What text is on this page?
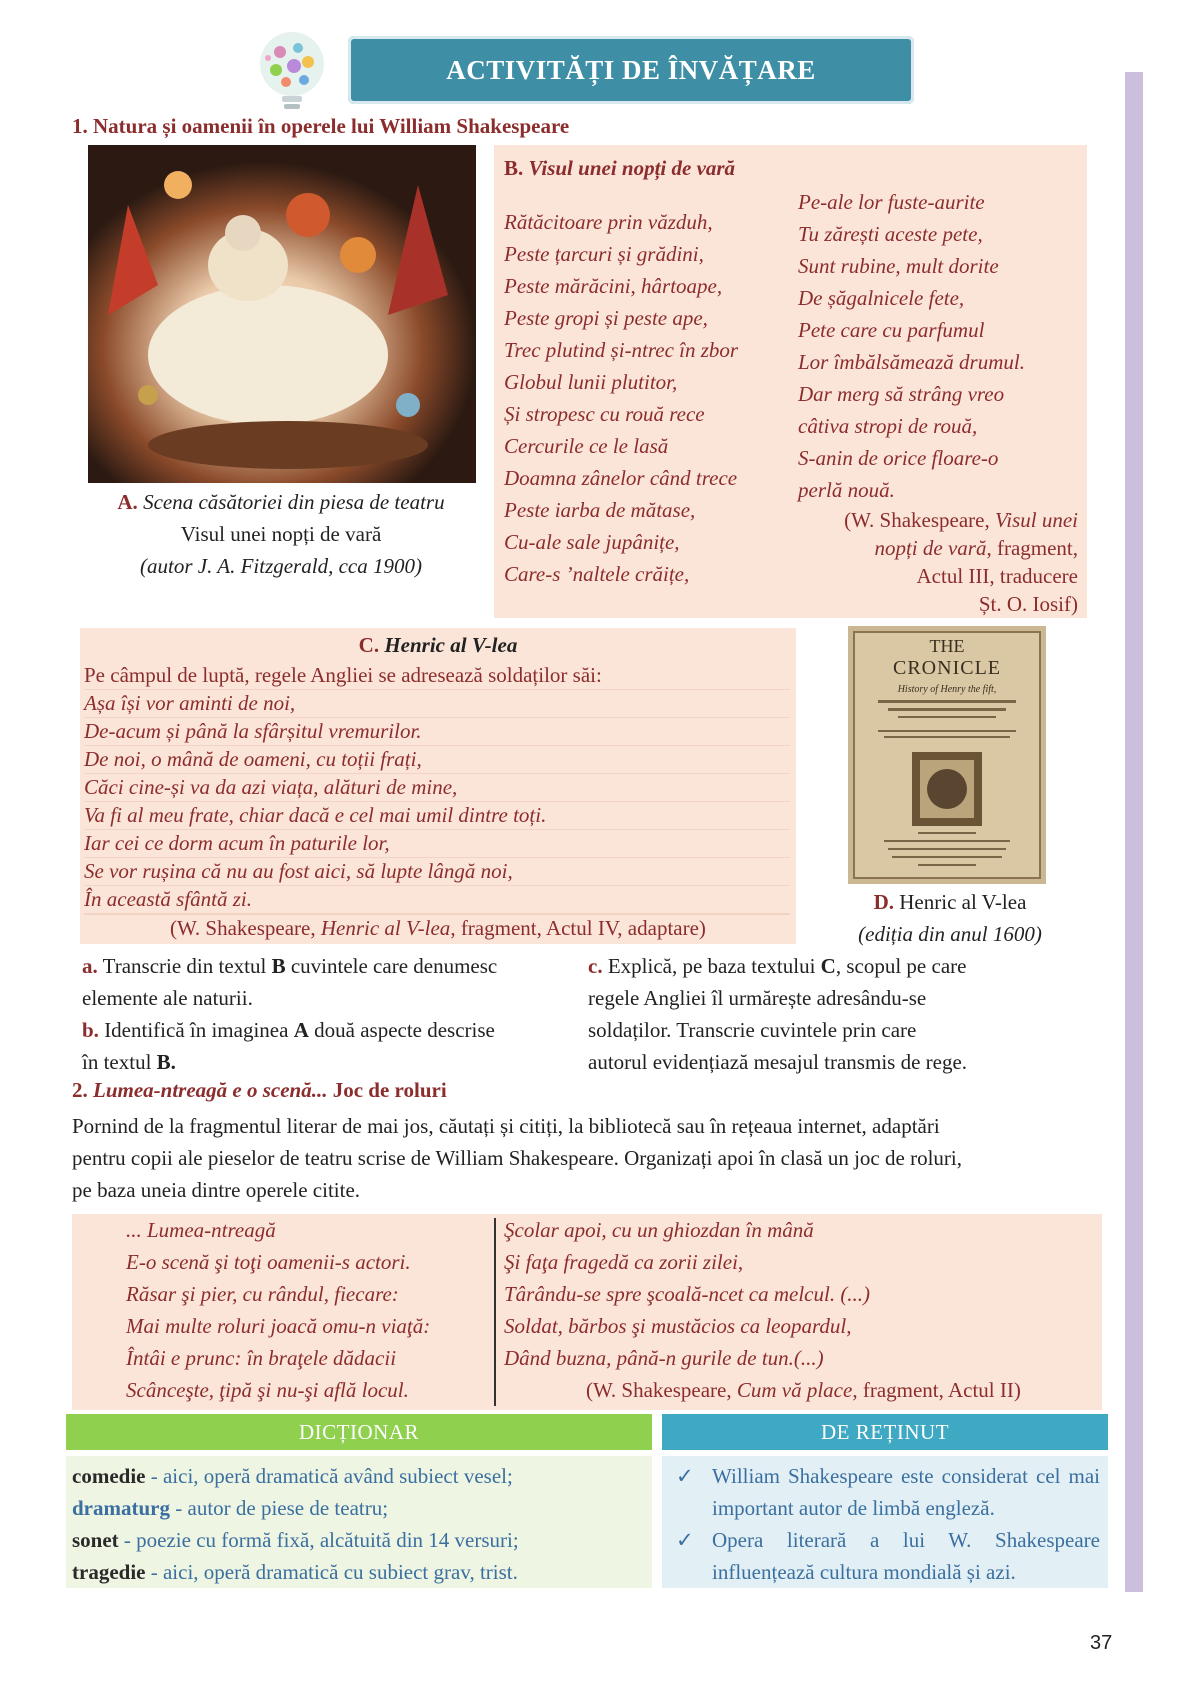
ACTIVITĂȚI DE ÎNVĂȚARE
1. Natura și oamenii în operele lui William Shakespeare
A. Scena căsătoriei din piesa de teatru
Visul unei nopți de vară
(autor J. A. Fitzgerald, cca 1900)
B. Visul unei nopți de vară
Rătăcitoare prin văzduh,
Peste țarcuri și grădini,
Peste mărăcini, hârtoape,
Peste gropi și peste ape,
Trec plutind și-ntrec în zbor
Globul lunii plutitor,
Și stropesc cu rouă rece
Cercurile ce le lasă
Doamna zânelor când trece
Peste iarba de mătase,
Cu-ale sale jupânițe,
Care-s ’naltele crăițe,
Pe-ale lor fuste-aurite
Tu zărești aceste pete,
Sunt rubine, mult dorite
De șăgalnicele fete,
Pete care cu parfumul
Lor îmbălsămează drumul.
Dar merg să strâng vreo
câtiva stropi de rouă,
S-anin de orice floare-o
perlă nouă.
(W. Shakespeare, Visul unei
nopți de vară, fragment,
Actul III, traducere
Șt. O. Iosif)
C. Henric al V-lea
Pe câmpul de luptă, regele Angliei se adresează soldaților săi:
Așa își vor aminti de noi,
De-acum și până la sfârșitul vremurilor.
De noi, o mână de oameni, cu toții frați,
Căci cine-și va da azi viața, alături de mine,
Va fi al meu frate, chiar dacă e cel mai umil dintre toți.
Iar cei ce dorm acum în paturile lor,
Se vor rușina că nu au fost aici, să lupte lângă noi,
În această sfântă zi.
(W. Shakespeare, Henric al V-lea, fragment, Actul IV, adaptare)
THE
CRONICLE
History of Henry the fift,
D. Henric al V-lea
(ediția din anul 1600)
a. Transcrie din textul B cuvintele care denumesc
elemente ale naturii.
b. Identifică în imaginea A două aspecte descrise
în textul B.
c. Explică, pe baza textului C, scopul pe care
regele Angliei îl urmărește adresându-se
soldaților. Transcrie cuvintele prin care
autorul evidențiază mesajul transmis de rege.
2. Lumea-ntreagă e o scenă... Joc de roluri
Pornind de la fragmentul literar de mai jos, căutați și citiți, la bibliotecă sau în rețeaua internet, adaptări
pentru copii ale pieselor de teatru scrise de William Shakespeare. Organizați apoi în clasă un joc de roluri,
pe baza uneia dintre operele citite.
... Lumea-ntreagă
E-o scenă şi toţi oamenii-s actori.
Răsar şi pier, cu rândul, fiecare:
Mai multe roluri joacă omu-n viaţă:
Întâi e prunc: în braţele dădacii
Scânceşte, ţipă şi nu-şi află locul.
Şcolar apoi, cu un ghiozdan în mână
Şi faţa fragedă ca zorii zilei,
Târându-se spre şcoală-ncet ca melcul. (...)
Soldat, bărbos şi mustăcios ca leopardul,
Dând buzna, până-n gurile de tun.(...)
(W. Shakespeare, Cum vă place, fragment, Actul II)
DICȚIONAR
comedie - aici, operă dramatică având subiect vesel;
dramaturg - autor de piese de teatru;
sonet - poezie cu formă fixă, alcătuită din 14 versuri;
tragedie - aici, operă dramatică cu subiect grav, trist.
DE REȚINUT
✓ William Shakespeare este considerat cel mai important autor de limbă engleză.
✓ Opera literară a lui W. Shakespeare influențează cultura mondială și azi.
37
